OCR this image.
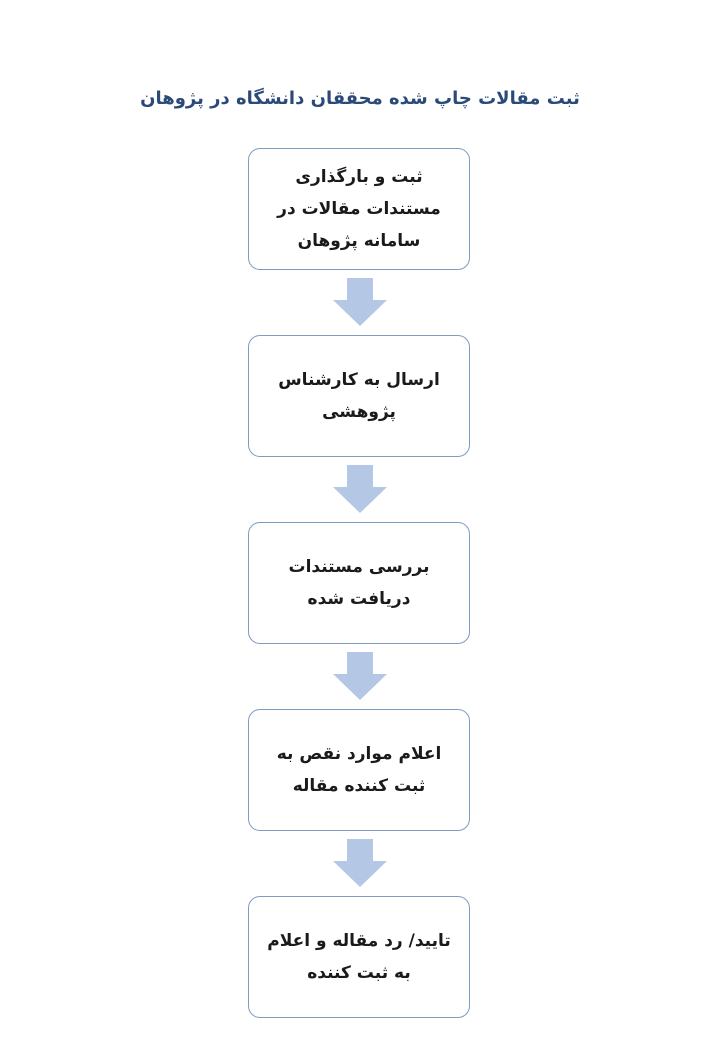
ثبت مقالات چاپ شده محققان دانشگاه در پژوهان
ثبت و بارگذاری مستندات مقالات در سامانه پژوهان
ارسال به کارشناس پژوهشی
بررسی مستندات دریافت شده
اعلام موارد نقص به ثبت کننده مقاله
تایید/ رد مقاله و اعلام به ثبت کننده
